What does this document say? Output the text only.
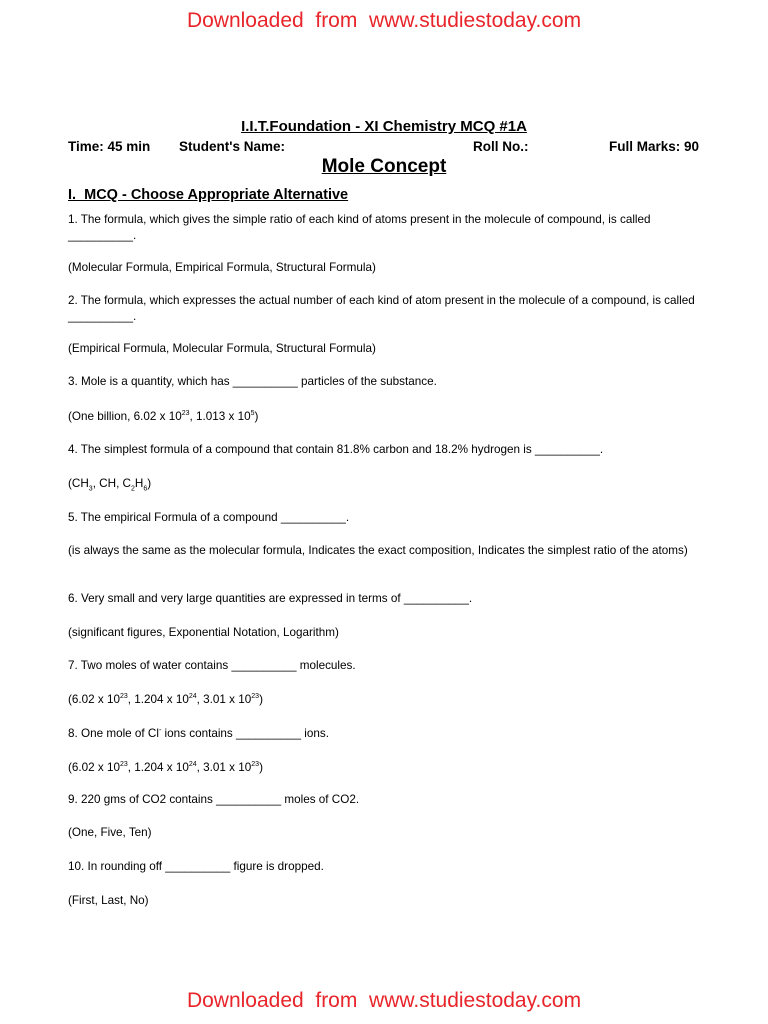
Downloaded  from  www.studiestoday.com
I.I.T.Foundation - XI Chemistry MCQ #1A
Time: 45 min Student's Name:	Roll No.:	Full Marks: 90
Mole Concept
I.  MCQ - Choose Appropriate Alternative
1. The formula, which gives the simple ratio of each kind of atoms present in the molecule of compound, is called __________.
(Molecular Formula, Empirical Formula, Structural Formula)
2. The formula, which expresses the actual number of each kind of atom present in the molecule of a compound, is called __________.
(Empirical Formula, Molecular Formula, Structural Formula)
3. Mole is a quantity, which has __________ particles of the substance.
(One billion, 6.02 x $10^{23}$, 1.013 x $10^5$)
4. The simplest formula of a compound that contain 81.8% carbon and 18.2% hydrogen is __________.
($CH_3$, CH, $C_2H_6$)
5. The empirical Formula of a compound __________.
(is always the same as the molecular formula, Indicates the exact composition, Indicates the simplest ratio of the atoms)
6. Very small and very large quantities are expressed in terms of __________.
(significant figures, Exponential Notation, Logarithm)
7. Two moles of water contains __________ molecules.
(6.02 x $10^{23}$, 1.204 x $10^{24}$, 3.01 x $10^{23}$)
8. One mole of Cl- ions contains __________ ions.
(6.02 x $10^{23}$, 1.204 x $10^{24}$, 3.01 x $10^{23}$)
9. 220 gms of CO2 contains __________ moles of CO2.
(One, Five, Ten)
10. In rounding off __________ figure is dropped.
(First, Last, No)
Downloaded  from  www.studiestoday.com
